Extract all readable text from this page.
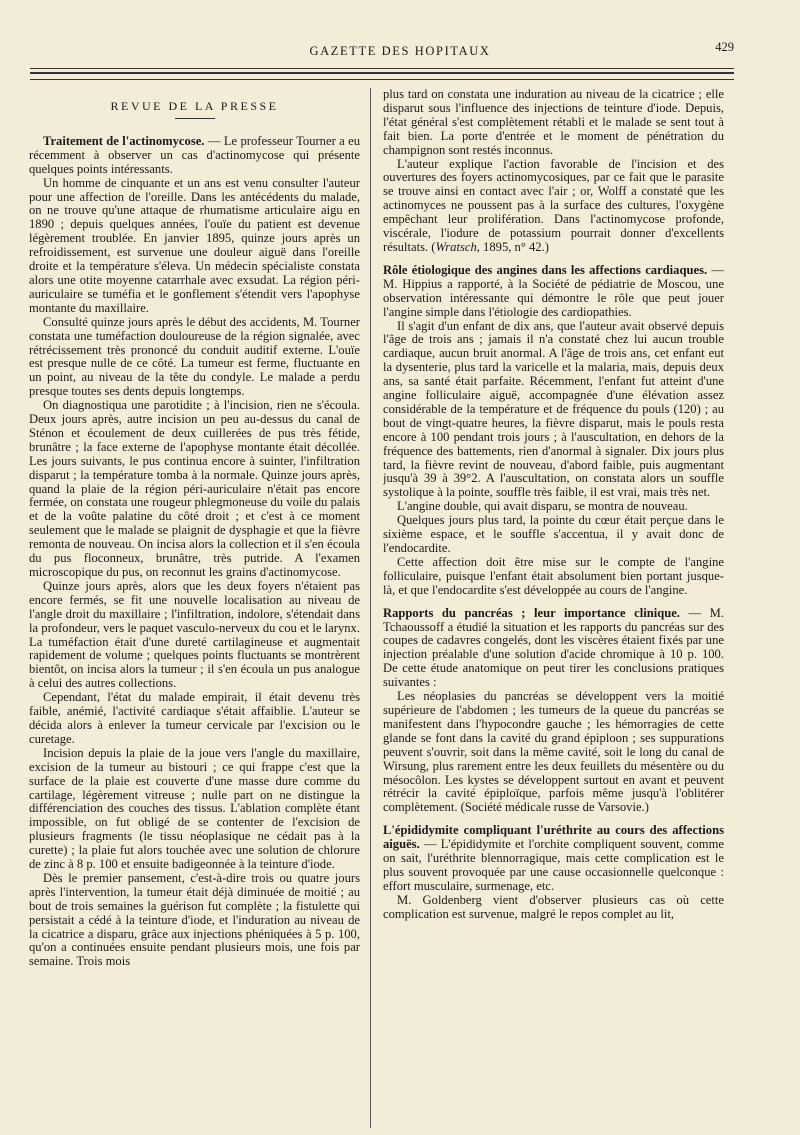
GAZETTE DES HOPITAUX	429
REVUE DE LA PRESSE

Traitement de l'actinomycose. — Le professeur Tourner a eu récemment à observer un cas d'actinomycose qui présente quelques points intéressants.

Un homme de cinquante et un ans est venu consulter l'auteur pour une affection de l'oreille. Dans les antécédents du malade, on ne trouve qu'une attaque de rhumatisme articulaire aigu en 1890 ; depuis quelques années, l'ouïe du patient est devenue légèrement troublée. En janvier 1895, quinze jours après un refroidissement, est survenue une douleur aiguë dans l'oreille droite et la température s'éleva. Un médecin spécialiste constata alors une otite moyenne catarrhale avec exsudat. La région péri-auriculaire se tuméfia et le gonflement s'étendit vers l'apophyse montante du maxillaire.

Consulté quinze jours après le début des accidents, M. Tourner constata une tuméfaction douloureuse de la région signalée, avec rétrécissement très prononcé du conduit auditif externe. L'ouïe est presque nulle de ce côté. La tumeur est ferme, fluctuante en un point, au niveau de la tête du condyle. Le malade a perdu presque toutes ses dents depuis longtemps.

On diagnostiqua une parotidite ; à l'incision, rien ne s'écoula. Deux jours après, autre incision un peu au-dessus du canal de Sténon et écoulement de deux cuillerées de pus très fétide, brunâtre ; la face externe de l'apophyse montante était décollée. Les jours suivants, le pus continua encore à suinter, l'infiltration disparut ; la température tomba à la normale. Quinze jours après, quand la plaie de la région péri-auriculaire n'était pas encore fermée, on constata une rougeur phlegmoneuse du voile du palais et de la voûte palatine du côté droit ; et c'est à ce moment seulement que le malade se plaignit de dysphagie et que la fièvre remonta de nouveau. On incisa alors la collection et il s'en écoula du pus floconneux, brunâtre, très putride. A l'examen microscopique du pus, on reconnut les grains d'actinomycose.

Quinze jours après, alors que les deux foyers n'étaient pas encore fermés, se fit une nouvelle localisation au niveau de l'angle droit du maxillaire ; l'infiltration, indolore, s'étendait dans la profondeur, vers le paquet vasculo-nerveux du cou et le larynx. La tuméfaction était d'une dureté cartilagineuse et augmentait rapidement de volume ; quelques points fluctuants se montrèrent bientôt, on incisa alors la tumeur ; il s'en écoula un pus analogue à celui des autres collections.

Cependant, l'état du malade empirait, il était devenu très faible, anémié, l'activité cardiaque s'était affaiblie. L'auteur se décida alors à enlever la tumeur cervicale par l'excision ou le curetage.

Incision depuis la plaie de la joue vers l'angle du maxillaire, excision de la tumeur au bistouri ; ce qui frappe c'est que la surface de la plaie est couverte d'une masse dure comme du cartilage, légèrement vitreuse ; nulle part on ne distingue la différenciation des couches des tissus. L'ablation complète étant impossible, on fut obligé de se contenter de l'excision de plusieurs fragments (le tissu néoplasique ne cédait pas à la curette) ; la plaie fut alors touchée avec une solution de chlorure de zinc à 8 p. 100 et ensuite badigeonnée à la teinture d'iode.

Dès le premier pansement, c'est-à-dire trois ou quatre jours après l'intervention, la tumeur était déjà diminuée de moitié ; au bout de trois semaines la guérison fut complète ; la fistulette qui persistait a cédé à la teinture d'iode, et l'induration au niveau de la cicatrice a disparu, grâce aux injections phéniquées à 5 p. 100, qu'on a continuées ensuite pendant plusieurs mois, une fois par semaine. Trois mois

plus tard on constata une induration au niveau de la cicatrice ; elle disparut sous l'influence des injections de teinture d'iode. Depuis, l'état général s'est complètement rétabli et le malade se sent tout à fait bien. La porte d'entrée et le moment de pénétration du champignon sont restés inconnus.

L'auteur explique l'action favorable de l'incision et des ouvertures des foyers actinomycosiques, par ce fait que le parasite se trouve ainsi en contact avec l'air ; or, Wolff a constaté que les actinomyces ne poussent pas à la surface des cultures, l'oxygène empêchant leur prolifération. Dans l'actinomycose profonde, viscérale, l'iodure de potassium pourrait donner d'excellents résultats. (Wratsch, 1895, n° 42.)

Rôle étiologique des angines dans les affections cardiaques. — M. Hippius a rapporté, à la Société de pédiatrie de Moscou, une observation intéressante qui démontre le rôle que peut jouer l'angine simple dans l'étiologie des cardiopathies.

Il s'agit d'un enfant de dix ans, que l'auteur avait observé depuis l'âge de trois ans ; jamais il n'a constaté chez lui aucun trouble cardiaque, aucun bruit anormal. A l'âge de trois ans, cet enfant eut la dysenterie, plus tard la varicelle et la malaria, mais, depuis deux ans, sa santé était parfaite. Récemment, l'enfant fut atteint d'une angine folliculaire aiguë, accompagnée d'une élévation assez considérable de la température et de fréquence du pouls (120) ; au bout de vingt-quatre heures, la fièvre disparut, mais le pouls resta encore à 100 pendant trois jours ; à l'auscultation, en dehors de la fréquence des battements, rien d'anormal à signaler. Dix jours plus tard, la fièvre revint de nouveau, d'abord faible, puis augmentant jusqu'à 39 à 39°2. A l'auscultation, on constata alors un souffle systolique à la pointe, souffle très faible, il est vrai, mais très net.

L'angine double, qui avait disparu, se montra de nouveau.

Quelques jours plus tard, la pointe du cœur était perçue dans le sixième espace, et le souffle s'accentua, il y avait donc de l'endocardite.

Cette affection doit être mise sur le compte de l'angine folliculaire, puisque l'enfant était absolument bien portant jusque-là, et que l'endocardite s'est développée au cours de l'angine.

Rapports du pancréas ; leur importance clinique. — M. Tchaoussoff a étudié la situation et les rapports du pancréas sur des coupes de cadavres congelés, dont les viscères étaient fixés par une injection préalable d'une solution d'acide chromique à 10 p. 100. De cette étude anatomique on peut tirer les conclusions pratiques suivantes :

Les néoplasies du pancréas se développent vers la moitié supérieure de l'abdomen ; les tumeurs de la queue du pancréas se manifestent dans l'hypocondre gauche ; les hémorragies de cette glande se font dans la cavité du grand épiploon ; ses suppurations peuvent s'ouvrir, soit dans la même cavité, soit le long du canal de Wirsung, plus rarement entre les deux feuillets du mésentère ou du mésocôlon. Les kystes se développent surtout en avant et peuvent rétrécir la cavité épiploïque, parfois même jusqu'à l'oblitérer complètement. (Société médicale russe de Varsovie.)

L'épididymite compliquant l'uréthrite au cours des affections aiguës. — L'épididymite et l'orchite compliquent souvent, comme on sait, l'uréthrite blennorragique, mais cette complication est le plus souvent provoquée par une cause occasionnelle quelconque : effort musculaire, surmenage, etc.

M. Goldenberg vient d'observer plusieurs cas où cette complication est survenue, malgré le repos complet au lit,
